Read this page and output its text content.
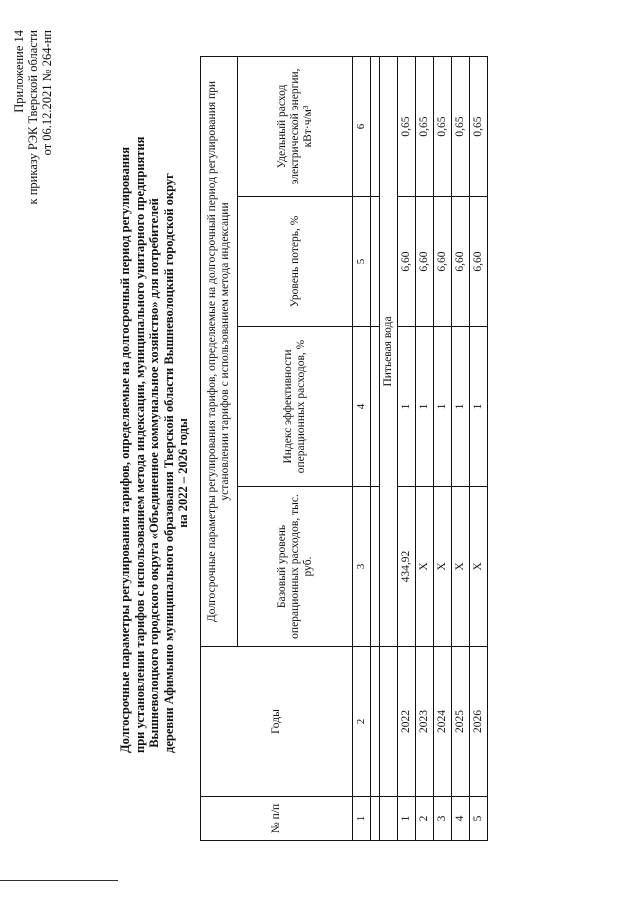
Приложение 14 к приказу РЭК Тверской области от 06.12.2021 № 264-нп
Долгосрочные параметры регулирования тарифов, определяемые на долгосрочный период регулирования при установлении тарифов с использованием метода индексации, муниципального унитарного предприятия Вышневолоцкого городского округа «Объединенное коммунальное хозяйство» для потребителей деревни Афимьино муниципального образования Тверской области Вышневолоцкий городской округ на 2022 – 2026 годы
№ п/п	Годы	Долгосрочные параметры регулирования тарифов, определяемые на долгосрочный период регулирования при установлении тарифов с использованием метода индексации			
		Базовый уровень операционных расходов, тыс. руб.	Индекс эффективности операционных расходов, %	Уровень потерь, %	Удельный расход электрической энергии, кВт·ч/м³
1	2	3	4	5	6

		Питьевая вода			
1	2022	434,92	1	6,60	0,65
2	2023	X	1	6,60	0,65
3	2024	X	1	6,60	0,65
4	2025	X	1	6,60	0,65
5	2026	X	1	6,60	0,65
